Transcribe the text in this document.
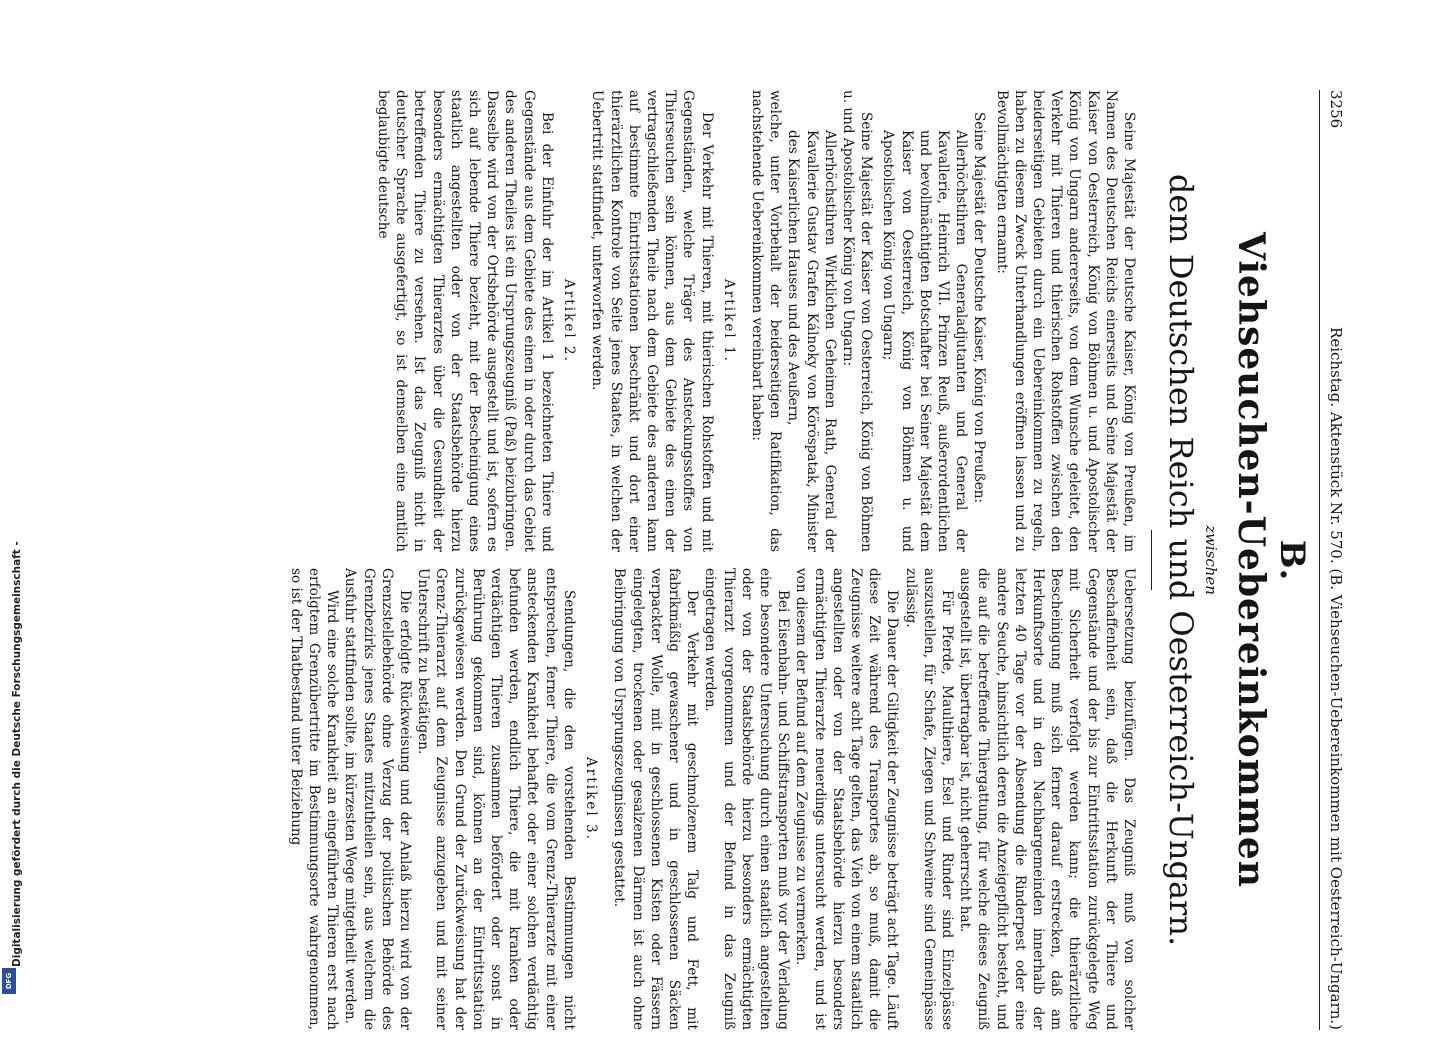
3256
Reichstag. Aktenstück Nr. 570. (B. Viehseuchen-Uebereinkommen mit Oesterreich-Ungarn.)
B.
Viehseuchen-Uebereinkommen
zwischen
dem Deutschen Reich und Oesterreich-Ungarn.

Seine Majestät der Deutsche Kaiser, König von Preußen, im Namen des Deutschen Reichs einerseits und Seine Majestät der Kaiser von Oesterreich, König von Böhmen u. und Apostolischer König von Ungarn andererseits, von dem Wunsche geleitet, den Verkehr mit Thieren und thierischen Rohstoffen zwischen den beiderseitigen Gebieten durch ein Uebereinkommen zu regeln, haben zu diesem Zweck Unterhandlungen eröffnen lassen und zu Bevollmächtigten ernannt:

Seine Majestät der Deutsche Kaiser, König von Preußen:

Allerhöchstihren Generaladjutanten und General der Kavallerie, Heinrich VII. Prinzen Reuß, außerordentlichen und bevollmächtigten Botschafter bei Seiner Majestät dem Kaiser von Oesterreich, König von Böhmen u. und Apostolischen König von Ungarn;

Seine Majestät der Kaiser von Oesterreich, König von Böhmen u. und Apostolischer König von Ungarn:

Allerhöchstihren Wirklichen Geheimen Rath, General der Kavallerie Gustav Grafen Kálnoky von Köröspatak, Minister des Kaiserlichen Hauses und des Aeußern,

welche, unter Vorbehalt der beiderseitigen Ratifikation, das nachstehende Uebereinkommen vereinbart haben:

Artikel 1.

Der Verkehr mit Thieren, mit thierischen Rohstoffen und mit Gegenständen, welche Träger des Ansteckungsstoffes von Thierseuchen sein können, aus dem Gebiete des einen der vertragschließenden Theile nach dem Gebiete des anderen kann auf bestimmte Eintrittsstationen beschränkt und dort einer thierärztlichen Kontrole von Seite jenes Staates, in welchen der Uebertritt stattfindet, unterworfen werden.

Artikel 2.

Bei der Einfuhr der im Artikel 1 bezeichneten Thiere und Gegenstände aus dem Gebiete des einen in oder durch das Gebiet des anderen Theiles ist ein Ursprungszeugniß (Paß) beizubringen. Dasselbe wird von der Ortsbehörde ausgestellt und ist, sofern es sich auf lebende Thiere bezieht, mit der Bescheinigung eines staatlich angestellten oder von der Staatsbehörde hierzu besonders ermächtigten Thierarztes über die Gesundheit der betreffenden Thiere zu versehen. Ist das Zeugniß nicht in deutscher Sprache ausgefertigt, so ist demselben eine amtlich beglaubigte deutsche

Uebersetzung beizufügen. Das Zeugniß muß von solcher Beschaffenheit sein, daß die Herkunft der Thiere und Gegenstände und der bis zur Eintrittsstation zurückgelegte Weg mit Sicherheit verfolgt werden kann; die thierärztliche Bescheinigung muß sich ferner darauf erstrecken, daß am Herkunftsorte und in den Nachbargemeinden innerhalb der letzten 40 Tage vor der Absendung die Rinderpest oder eine andere Seuche, hinsichtlich deren die Anzeigepflicht besteht, und die auf die betreffende Thiergattung, für welche dieses Zeugniß ausgestellt ist, übertragbar ist, nicht geherrscht hat.

Für Pferde, Maulthiere, Esel und Rinder sind Einzelpässe auszustellen, für Schafe, Ziegen und Schweine sind Gemeinpässe zulässig.

Die Dauer der Giltigkeit der Zeugnisse beträgt acht Tage. Läuft diese Zeit während des Transportes ab, so muß, damit die Zeugnisse weitere acht Tage gelten, das Vieh von einem staatlich angestellten oder von der Staatsbehörde hierzu besonders ermächtigten Thierarzte neuerdings untersucht werden, und ist von diesem der Befund auf dem Zeugnisse zu vermerken.

Bei Eisenbahn- und Schiffstransporten muß vor der Verladung eine besondere Untersuchung durch einen staatlich angestellten oder von der Staatsbehörde hierzu besonders ermächtigten Thierarzt vorgenommen und der Befund in das Zeugniß eingetragen werden.

Der Verkehr mit geschmolzenem Talg und Fett, mit fabrikmäßig gewaschener und in geschlossenen Säcken verpackter Wolle, mit in geschlossenen Kisten oder Fässern eingelegten, trockenen oder gesalzenen Därmen ist auch ohne Beibringung von Ursprungszeugnissen gestattet.

Artikel 3.

Sendungen, die den vorstehenden Bestimmungen nicht entsprechen, ferner Thiere, die vom Grenz-Thierarzte mit einer ansteckenden Krankheit behaftet oder einer solchen verdächtig befunden werden, endlich Thiere, die mit kranken oder verdächtigen Thieren zusammen befördert oder sonst in Berührung gekommen sind, können an der Eintrittsstation zurückgewiesen werden. Den Grund der Zurückweisung hat der Grenz-Thierarzt auf dem Zeugnisse anzugeben und mit seiner Unterschrift zu bestätigen.

Die erfolgte Rückweisung und der Anlaß hierzu wird von der Grenzstellebehörde ohne Verzug der politischen Behörde des Grenzbezirks jenes Staates mitzutheilen sein, aus welchem die Ausfuhr stattfinden sollte, im kürzesten Wege mitgetheilt werden.

Wird eine solche Krankheit an eingeführten Thieren erst nach erfolgtem Grenzübertritte im Bestimmungsorte wahrgenommen, so ist der Thatbestand unter Beiziehung

Digitalisierung gefördert durch die Deutsche Forschungsgemeinschaft -
DFG
